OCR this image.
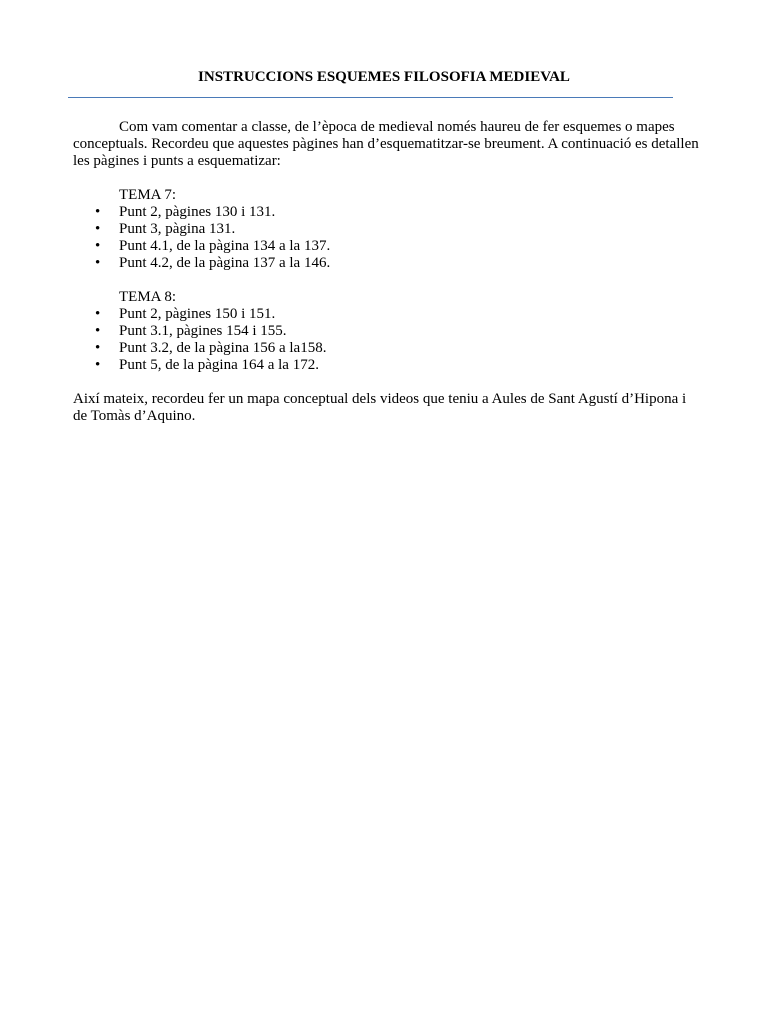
INSTRUCCIONS ESQUEMES FILOSOFIA MEDIEVAL

Com vam comentar a classe, de l’època de medieval només haureu de fer esquemes o mapes conceptuals. Recordeu que aquestes pàgines han d’esquematitzar-se breument. A continuació es detallen les pàgines i punts a esquematizar:

TEMA 7:

• Punt 2, pàgines 130 i 131.
• Punt 3, pàgina 131.
• Punt 4.1, de la pàgina 134 a la 137.
• Punt 4.2, de la pàgina 137 a la 146.

TEMA 8:

• Punt 2, pàgines 150 i 151.
• Punt 3.1, pàgines 154 i 155.
• Punt 3.2, de la pàgina 156 a la158.
• Punt 5, de la pàgina 164 a la 172.

Així mateix, recordeu fer un mapa conceptual dels videos que teniu a Aules de Sant Agustí d’Hipona i de Tomàs d’Aquino.
